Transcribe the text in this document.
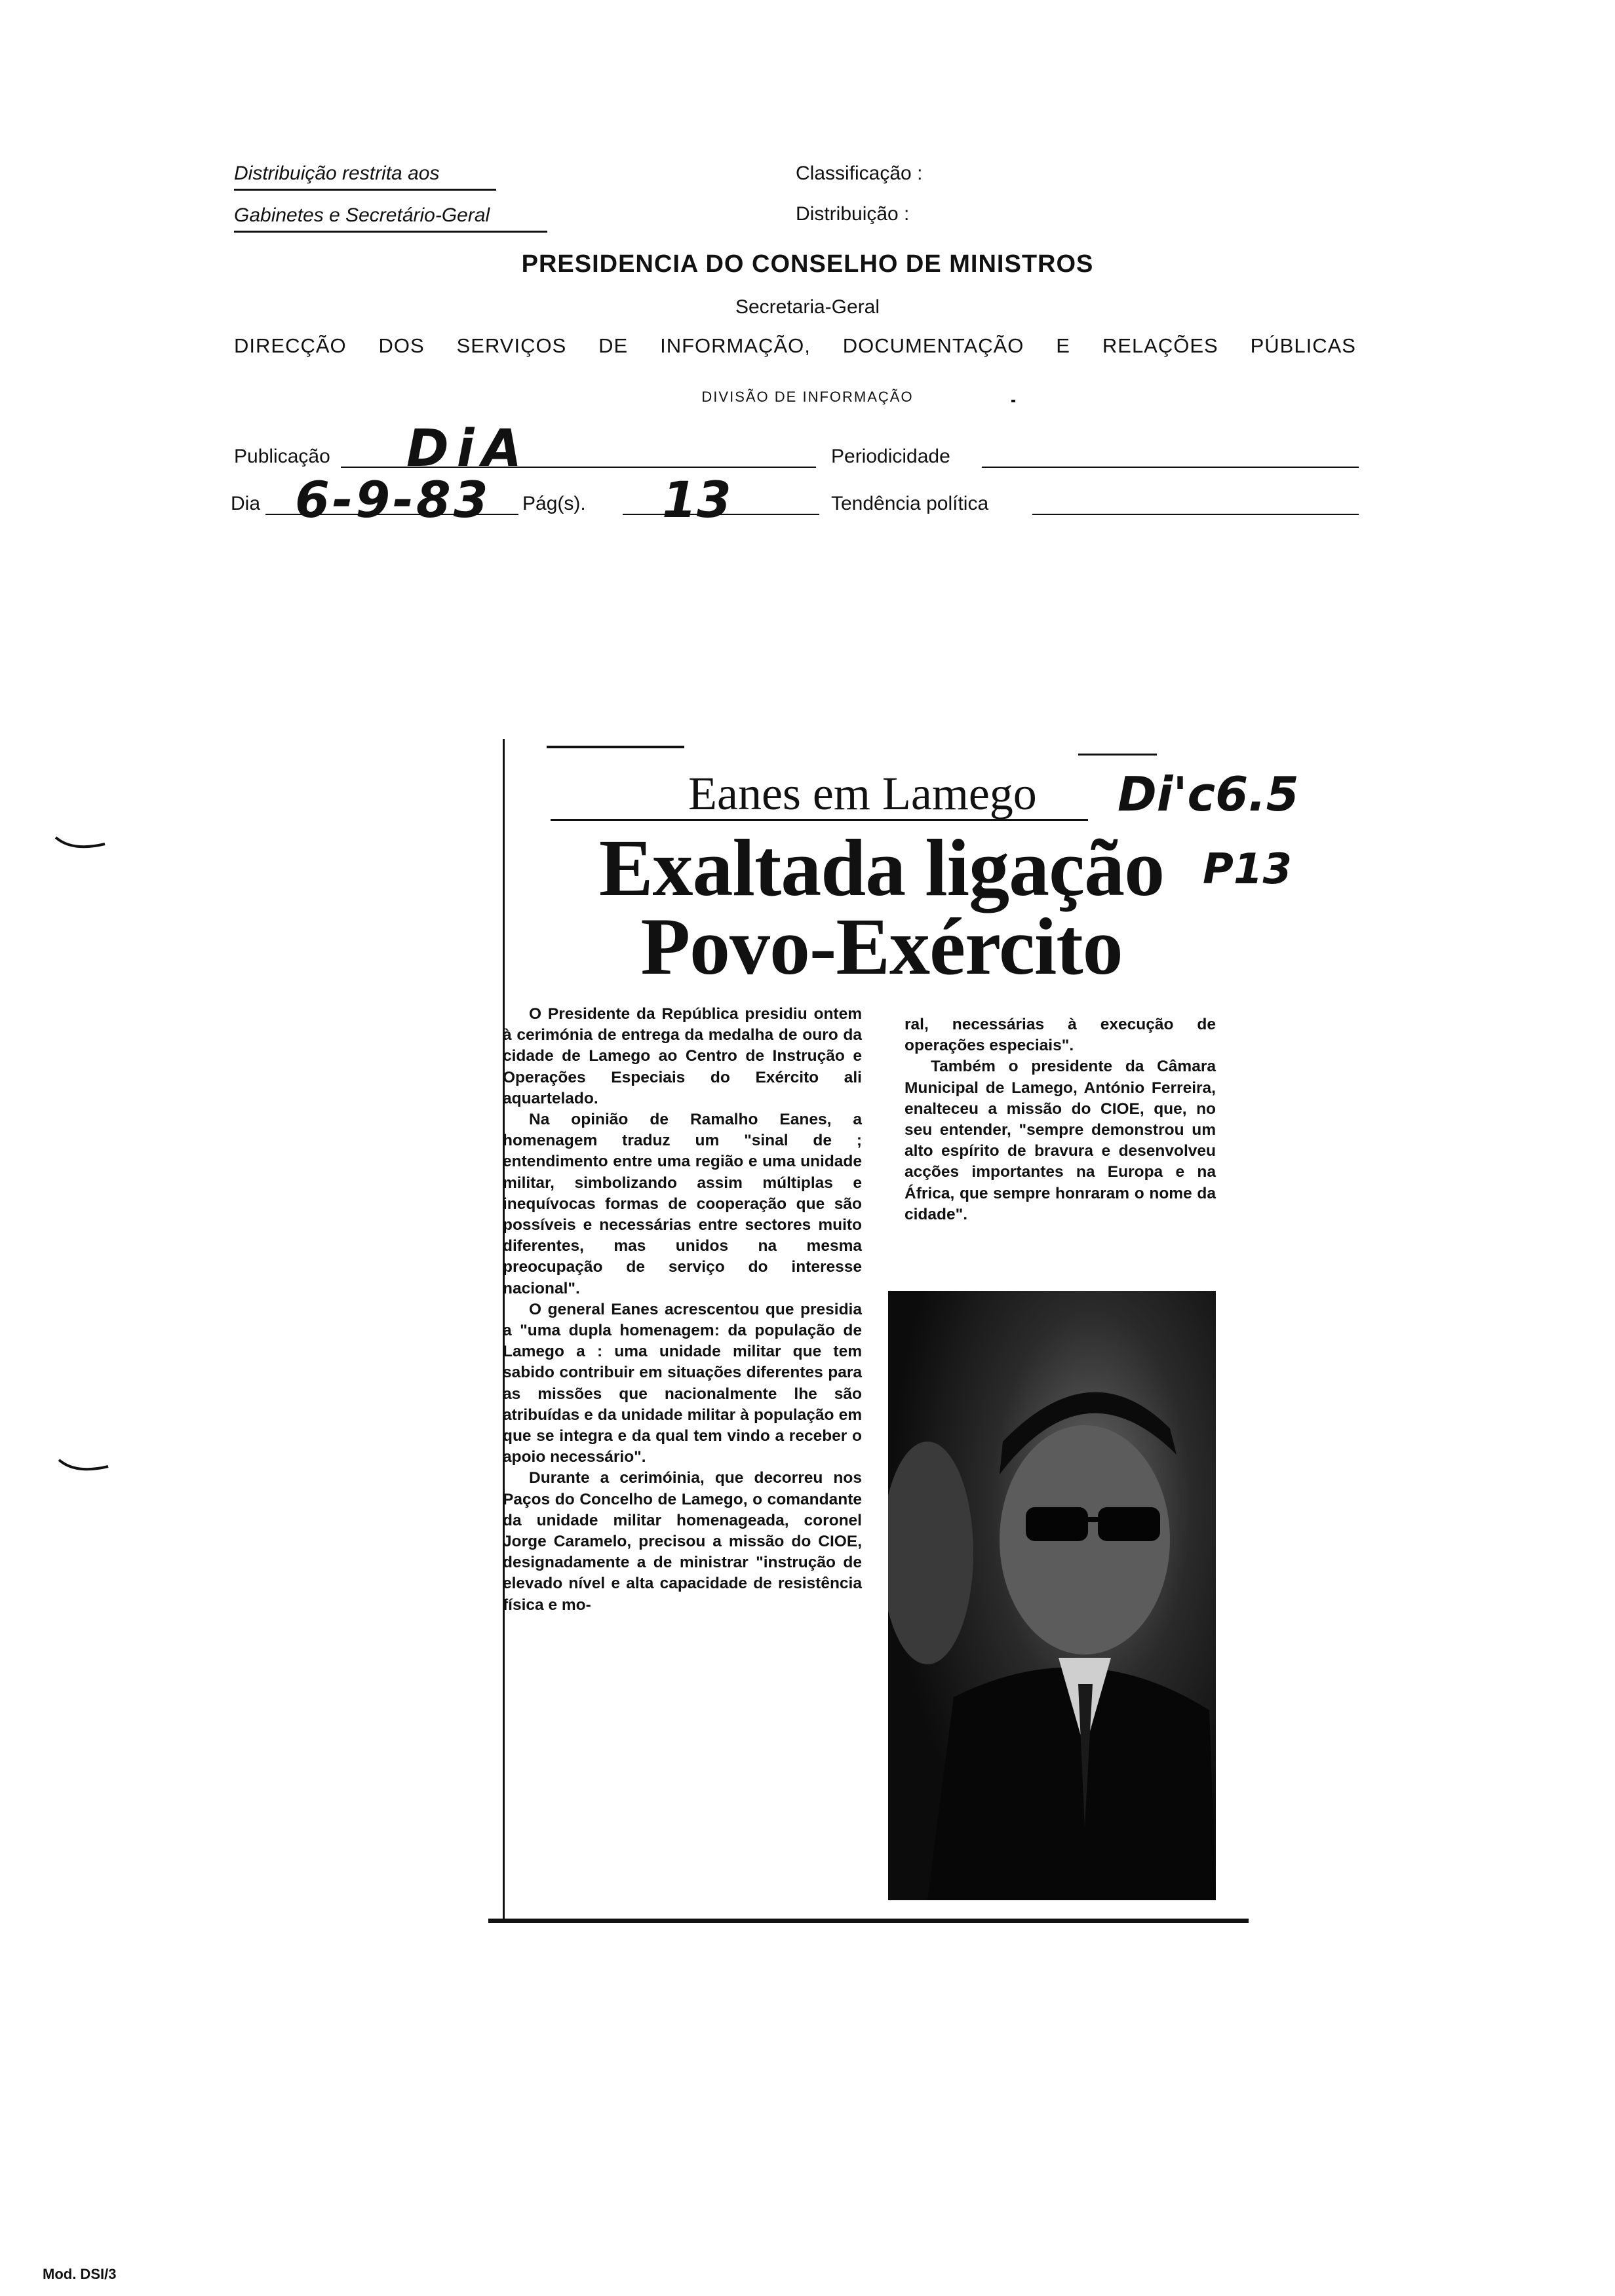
Distribuição restrita aos
Gabinetes e Secretário-Geral
Classificação :
Distribuição :
PRESIDENCIA DO CONSELHO DE MINISTROS
Secretaria-Geral
DIRECÇÃO DOS SERVIÇOS DE INFORMAÇÃO, DOCUMENTAÇÃO E RELAÇÕES PÚBLICAS
DIVISÃO DE INFORMAÇÃO
Publicação DiA	Periodicidade
Dia 6-9-83 Pág(s). 13	Tendência política
Eanes em Lamego
Exaltada ligação
Povo-Exército
Di'c6.5
P13

O Presidente da República presidiu ontem à cerimónia de entrega da medalha de ouro da cidade de Lamego ao Centro de Instrução e Operações Especiais do Exército ali aquartelado.

Na opinião de Ramalho Eanes, a homenagem traduz um "sinal de ; entendimento entre uma região e uma unidade militar, simbolizando assim múltiplas e inequívocas formas de cooperação que são possíveis e necessárias entre sectores muito diferentes, mas unidos na mesma preocupação de serviço do interesse nacional".

O general Eanes acrescentou que presidia a "uma dupla homenagem: da população de Lamego a : uma unidade militar que tem sabido contribuir em situações diferentes para as missões que nacionalmente lhe são atribuídas e da unidade militar à população em que se integra e da qual tem vindo a receber o apoio necessário".

Durante a cerimóinia, que decorreu nos Paços do Concelho de Lamego, o comandante da unidade militar homenageada, coronel Jorge Caramelo, precisou a missão do CIOE, designadamente a de ministrar "instrução de elevado nível e alta capacidade de resistência física e mo-

ral, necessárias à execução de operações especiais".

Também o presidente da Câmara Municipal de Lamego, António Ferreira, enalteceu a missão do CIOE, que, no seu entender, "sempre demonstrou um alto espírito de bravura e desenvolveu acções importantes na Europa e na África, que sempre honraram o nome da cidade".

Mod. DSI/3
